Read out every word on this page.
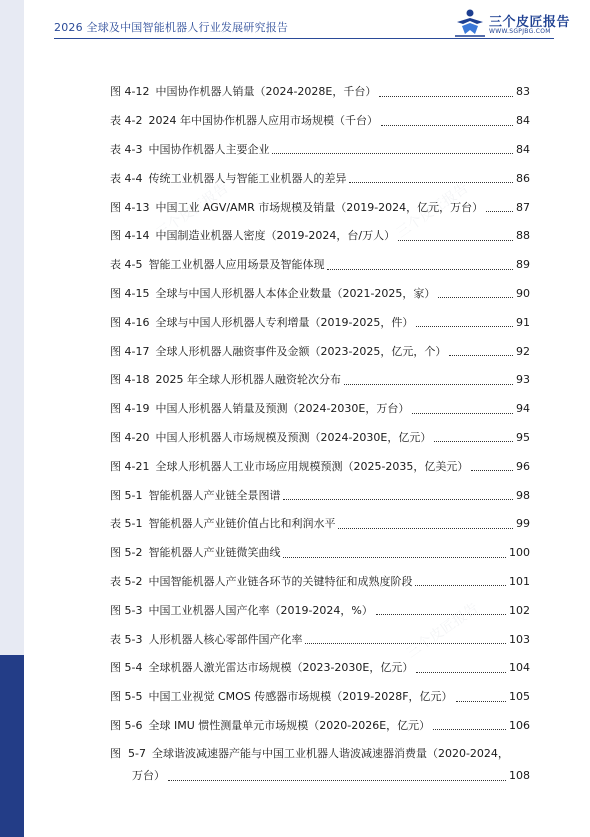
2026 全球及中国智能机器人行业发展研究报告	三个皮匠报告
WWW.SGPJBG.COM
三个皮匠报告	三个皮匠报告
三个皮匠报告
图 4-12 中国协作机器人销量（2024-2028E，千台）	83
表 4-2 2024 年中国协作机器人应用市场规模（千台）	84
表 4-3 中国协作机器人主要企业	84
表 4-4 传统工业机器人与智能工业机器人的差异	86
图 4-13 中国工业 AGV/AMR 市场规模及销量（2019-2024，亿元，万台）	87
图 4-14 中国制造业机器人密度（2019-2024，台/万人）	88
表 4-5 智能工业机器人应用场景及智能体现	89
图 4-15 全球与中国人形机器人本体企业数量（2021-2025，家）	90
图 4-16 全球与中国人形机器人专利增量（2019-2025，件）	91
图 4-17 全球人形机器人融资事件及金额（2023-2025，亿元，个）	92
图 4-18 2025 年全球人形机器人融资轮次分布	93
图 4-19 中国人形机器人销量及预测（2024-2030E，万台）	94
图 4-20 中国人形机器人市场规模及预测（2024-2030E，亿元）	95
图 4-21 全球人形机器人工业市场应用规模预测（2025-2035，亿美元）	96
图 5-1 智能机器人产业链全景图谱	98
表 5-1 智能机器人产业链价值占比和利润水平	99
图 5-2 智能机器人产业链微笑曲线	100
表 5-2 中国智能机器人产业链各环节的关键特征和成熟度阶段	101
图 5-3 中国工业机器人国产化率（2019-2024，%）	102
表 5-3 人形机器人核心零部件国产化率	103
图 5-4 全球机器人激光雷达市场规模（2023-2030E，亿元）	104
图 5-5 中国工业视觉 CMOS 传感器市场规模（2019-2028F，亿元）	105
图 5-6 全球 IMU 惯性测量单元市场规模（2020-2026E，亿元）	106
图 5-7 全球谐波减速器产能与中国工业机器人谐波减速器消费量（2020-2024，
万台）	108
